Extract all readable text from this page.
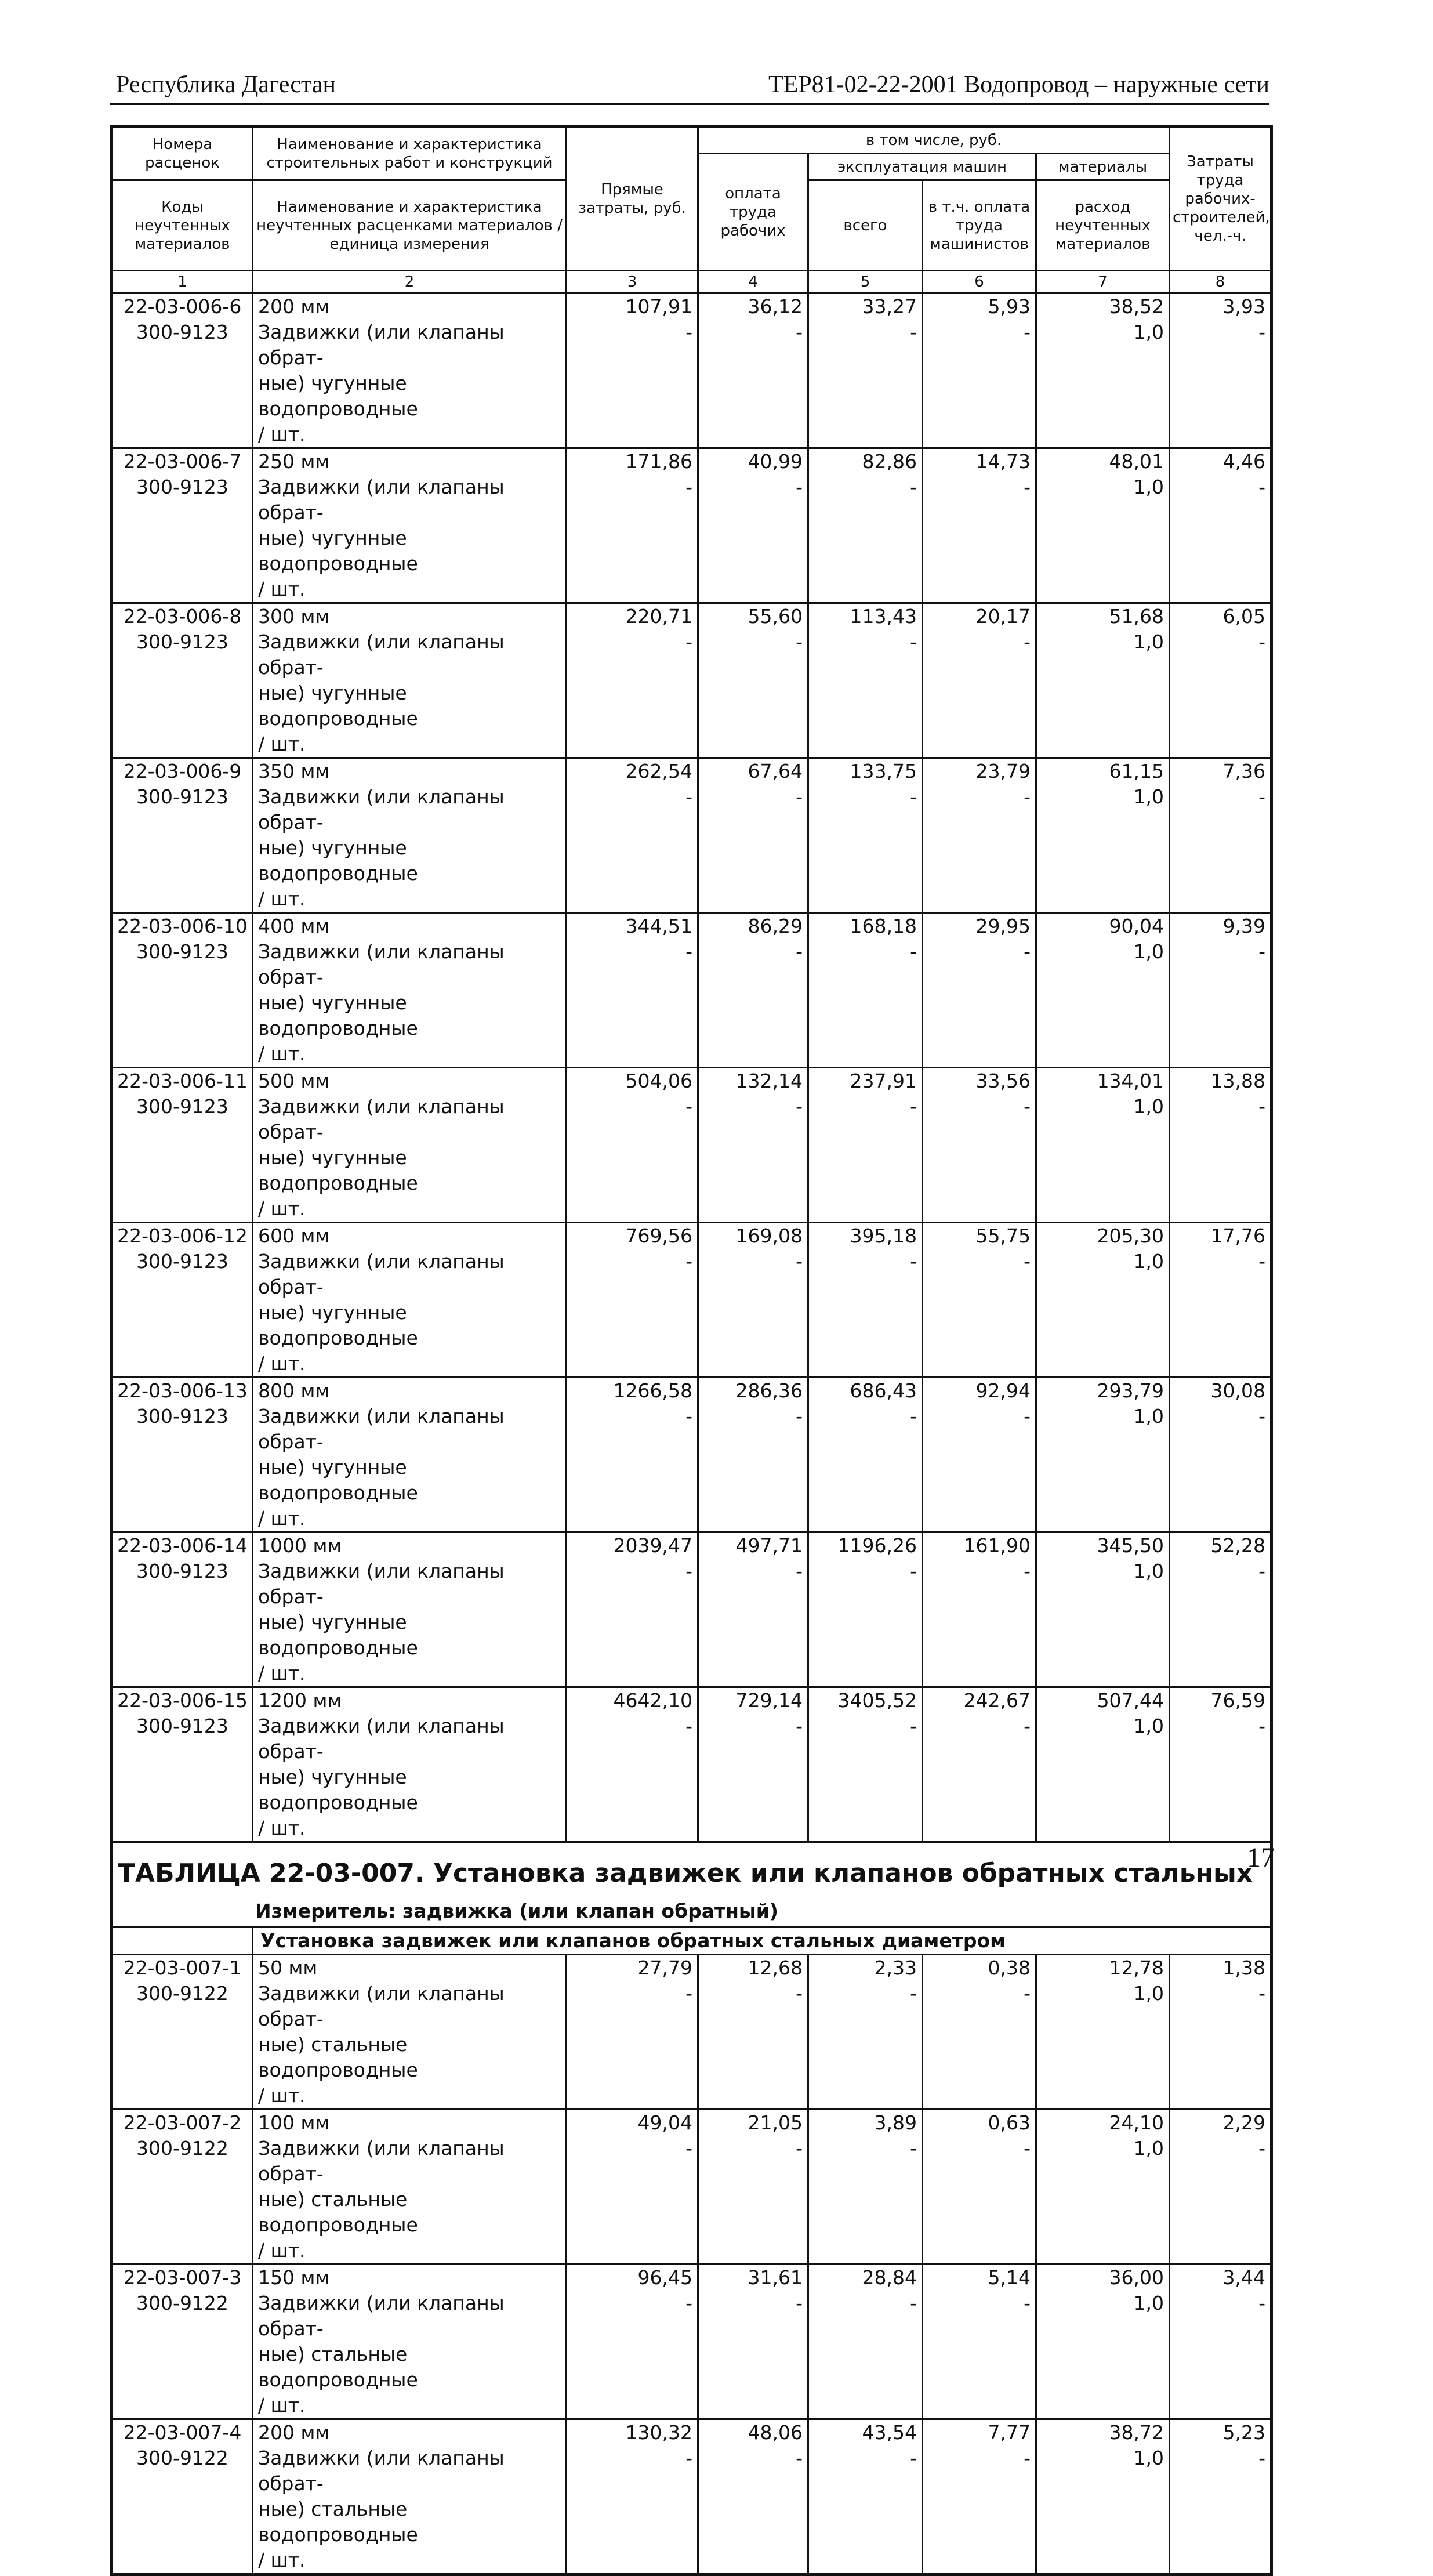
Республика Дагестан	ТЕР81-02-22-2001 Водопровод – наружные сети
Номера расценок	Наименование и характеристика строительных работ и конструкций	Прямые затраты, руб.	в том числе, руб.				Затраты труда рабочих-строителей, чел.-ч.
			оплата труда рабочих	эксплуатация машин		материалы	
Коды неучтенных материалов	Наименование и характеристика неучтенных расценками материалов / единица измерения			всего	в т.ч. оплата труда машинистов	расход неучтенных материалов	

1	2	3	4	5	6	7	8
22-03-006-6	200 мм	107,91	36,12	33,27	5,93	38,52	3,93
300-9123	Задвижки (или клапаны обрат-	-	-	-	-	1,0	-
	ные) чугунные водопроводные						
	/ шт.						
22-03-006-7	250 мм	171,86	40,99	82,86	14,73	48,01	4,46
300-9123	Задвижки (или клапаны обрат-	-	-	-	-	1,0	-
	ные) чугунные водопроводные						
	/ шт.						
22-03-006-8	300 мм	220,71	55,60	113,43	20,17	51,68	6,05
300-9123	Задвижки (или клапаны обрат-	-	-	-	-	1,0	-
	ные) чугунные водопроводные						
	/ шт.						
22-03-006-9	350 мм	262,54	67,64	133,75	23,79	61,15	7,36
300-9123	Задвижки (или клапаны обрат-	-	-	-	-	1,0	-
	ные) чугунные водопроводные						
	/ шт.						
22-03-006-10	400 мм	344,51	86,29	168,18	29,95	90,04	9,39
300-9123	Задвижки (или клапаны обрат-	-	-	-	-	1,0	-
	ные) чугунные водопроводные						
	/ шт.						
22-03-006-11	500 мм	504,06	132,14	237,91	33,56	134,01	13,88
300-9123	Задвижки (или клапаны обрат-	-	-	-	-	1,0	-
	ные) чугунные водопроводные						
	/ шт.						
22-03-006-12	600 мм	769,56	169,08	395,18	55,75	205,30	17,76
300-9123	Задвижки (или клапаны обрат-	-	-	-	-	1,0	-
	ные) чугунные водопроводные						
	/ шт.						
22-03-006-13	800 мм	1266,58	286,36	686,43	92,94	293,79	30,08
300-9123	Задвижки (или клапаны обрат-	-	-	-	-	1,0	-
	ные) чугунные водопроводные						
	/ шт.						
22-03-006-14	1000 мм	2039,47	497,71	1196,26	161,90	345,50	52,28
300-9123	Задвижки (или клапаны обрат-	-	-	-	-	1,0	-
	ные) чугунные водопроводные						
	/ шт.						
22-03-006-15	1200 мм	4642,10	729,14	3405,52	242,67	507,44	76,59
300-9123	Задвижки (или клапаны обрат-	-	-	-	-	1,0	-
	ные) чугунные водопроводные						
	/ шт.						
ТАБЛИЦА 22-03-007. Установка задвижек или клапанов обратных стальных							
Измеритель: задвижка (или клапан обратный)							
	Установка задвижек или клапанов обратных стальных диаметром						
22-03-007-1	50 мм	27,79	12,68	2,33	0,38	12,78	1,38
300-9122	Задвижки (или клапаны обрат-	-	-	-	-	1,0	-
	ные) стальные водопроводные						
	/ шт.						
22-03-007-2	100 мм	49,04	21,05	3,89	0,63	24,10	2,29
300-9122	Задвижки (или клапаны обрат-	-	-	-	-	1,0	-
	ные) стальные водопроводные						
	/ шт.						
22-03-007-3	150 мм	96,45	31,61	28,84	5,14	36,00	3,44
300-9122	Задвижки (или клапаны обрат-	-	-	-	-	1,0	-
	ные) стальные водопроводные						
	/ шт.						
22-03-007-4	200 мм	130,32	48,06	43,54	7,77	38,72	5,23
300-9122	Задвижки (или клапаны обрат-	-	-	-	-	1,0	-
	ные) стальные водопроводные						
	/ шт.						
17
